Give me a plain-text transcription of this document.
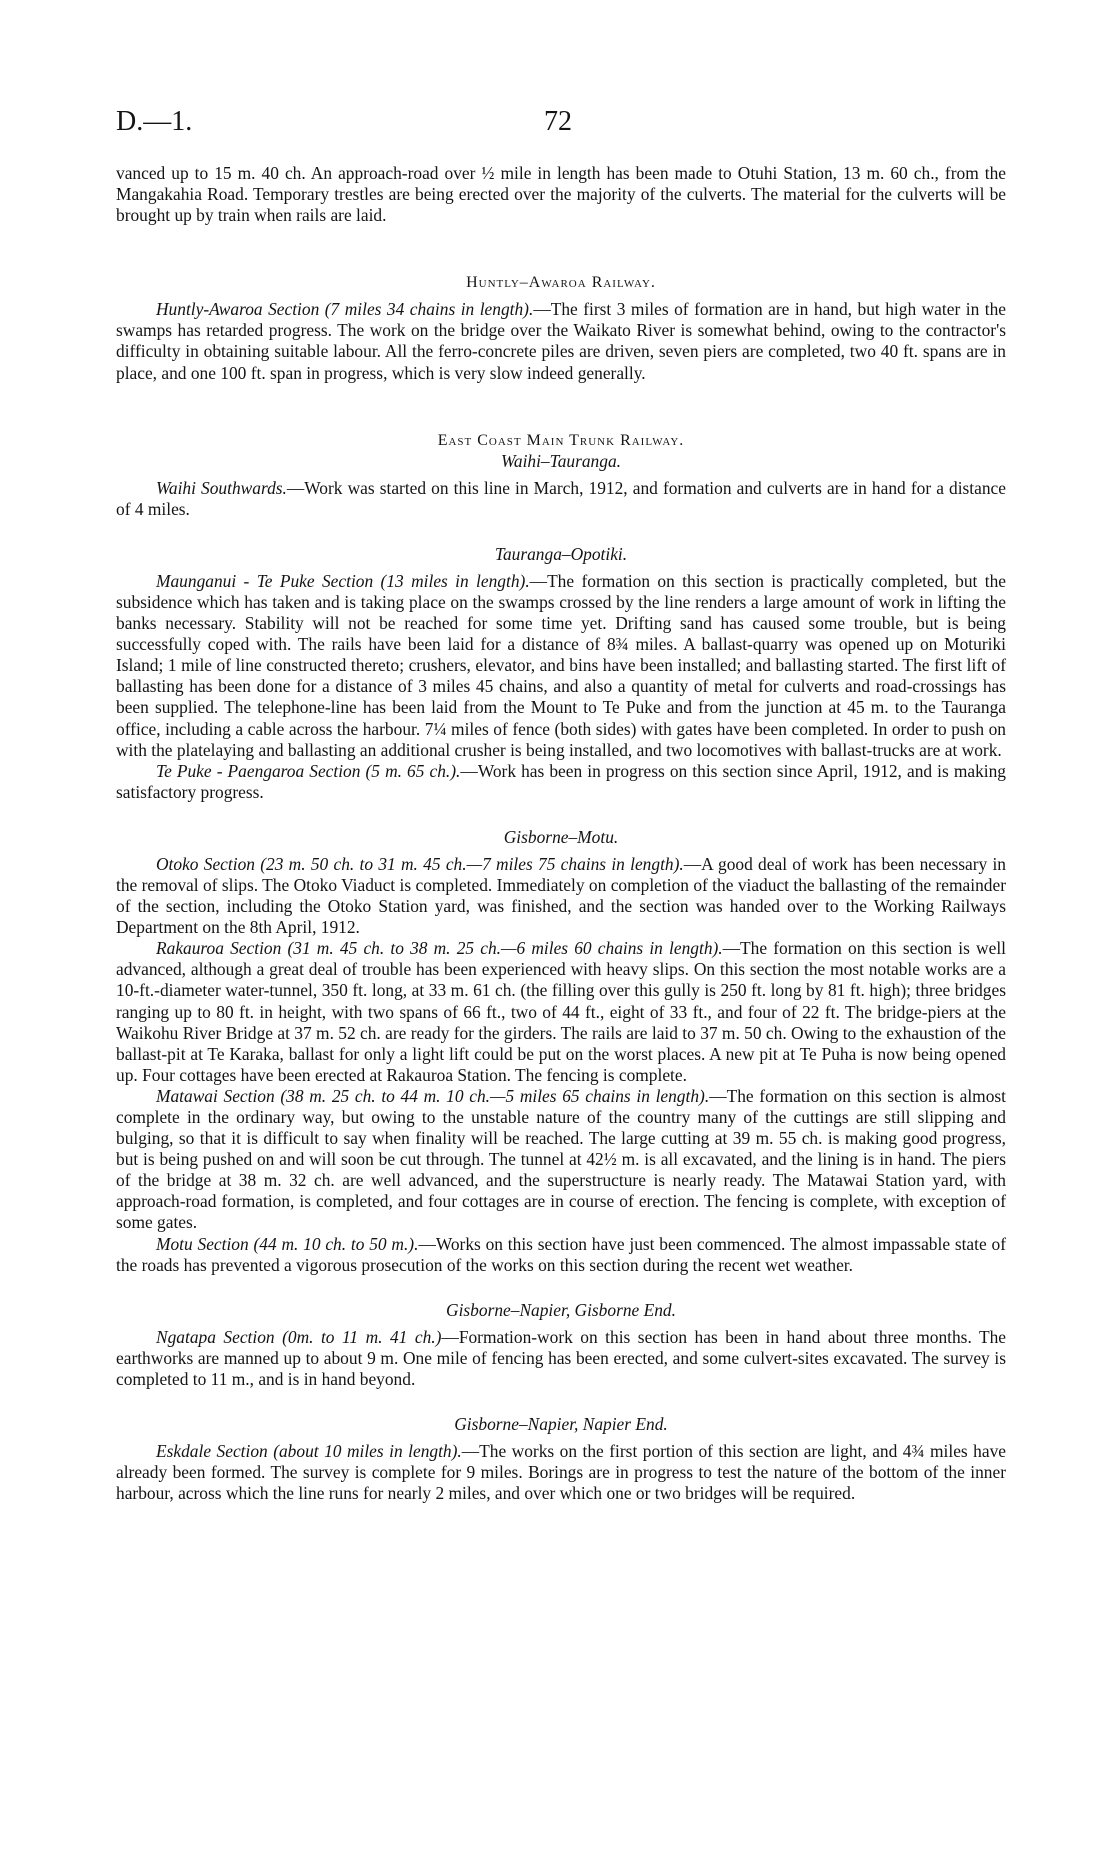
D.—1.	72

vanced up to 15 m. 40 ch. An approach-road over ½ mile in length has been made to Otuhi Station, 13 m. 60 ch., from the Mangakahia Road. Temporary trestles are being erected over the majority of the culverts. The material for the culverts will be brought up by train when rails are laid.

Huntly–Awaroa Railway.

Huntly-Awaroa Section (7 miles 34 chains in length).—The first 3 miles of formation are in hand, but high water in the swamps has retarded progress. The work on the bridge over the Waikato River is somewhat behind, owing to the contractor's difficulty in obtaining suitable labour. All the ferro-concrete piles are driven, seven piers are completed, two 40 ft. spans are in place, and one 100 ft. span in progress, which is very slow indeed generally.

East Coast Main Trunk Railway.
Waihi–Tauranga.

Waihi Southwards.—Work was started on this line in March, 1912, and formation and culverts are in hand for a distance of 4 miles.

Tauranga–Opotiki.

Maunganui - Te Puke Section (13 miles in length).—The formation on this section is practically completed, but the subsidence which has taken and is taking place on the swamps crossed by the line renders a large amount of work in lifting the banks necessary. Stability will not be reached for some time yet. Drifting sand has caused some trouble, but is being successfully coped with. The rails have been laid for a distance of 8¾ miles. A ballast-quarry was opened up on Moturiki Island; 1 mile of line constructed thereto; crushers, elevator, and bins have been installed; and ballasting started. The first lift of ballasting has been done for a distance of 3 miles 45 chains, and also a quantity of metal for culverts and road-crossings has been supplied. The telephone-line has been laid from the Mount to Te Puke and from the junction at 45 m. to the Tauranga office, including a cable across the harbour. 7¼ miles of fence (both sides) with gates have been completed. In order to push on with the platelaying and ballasting an additional crusher is being installed, and two locomotives with ballast-trucks are at work.

Te Puke - Paengaroa Section (5 m. 65 ch.).—Work has been in progress on this section since April, 1912, and is making satisfactory progress.

Gisborne–Motu.

Otoko Section (23 m. 50 ch. to 31 m. 45 ch.—7 miles 75 chains in length).—A good deal of work has been necessary in the removal of slips. The Otoko Viaduct is completed. Immediately on completion of the viaduct the ballasting of the remainder of the section, including the Otoko Station yard, was finished, and the section was handed over to the Working Railways Department on the 8th April, 1912.

Rakauroa Section (31 m. 45 ch. to 38 m. 25 ch.—6 miles 60 chains in length).—The formation on this section is well advanced, although a great deal of trouble has been experienced with heavy slips. On this section the most notable works are a 10-ft.-diameter water-tunnel, 350 ft. long, at 33 m. 61 ch. (the filling over this gully is 250 ft. long by 81 ft. high); three bridges ranging up to 80 ft. in height, with two spans of 66 ft., two of 44 ft., eight of 33 ft., and four of 22 ft. The bridge-piers at the Waikohu River Bridge at 37 m. 52 ch. are ready for the girders. The rails are laid to 37 m. 50 ch. Owing to the exhaustion of the ballast-pit at Te Karaka, ballast for only a light lift could be put on the worst places. A new pit at Te Puha is now being opened up. Four cottages have been erected at Rakauroa Station. The fencing is complete.

Matawai Section (38 m. 25 ch. to 44 m. 10 ch.—5 miles 65 chains in length).—The formation on this section is almost complete in the ordinary way, but owing to the unstable nature of the country many of the cuttings are still slipping and bulging, so that it is difficult to say when finality will be reached. The large cutting at 39 m. 55 ch. is making good progress, but is being pushed on and will soon be cut through. The tunnel at 42½ m. is all excavated, and the lining is in hand. The piers of the bridge at 38 m. 32 ch. are well advanced, and the superstructure is nearly ready. The Matawai Station yard, with approach-road formation, is completed, and four cottages are in course of erection. The fencing is complete, with exception of some gates.

Motu Section (44 m. 10 ch. to 50 m.).—Works on this section have just been commenced. The almost impassable state of the roads has prevented a vigorous prosecution of the works on this section during the recent wet weather.

Gisborne–Napier, Gisborne End.

Ngatapa Section (0m. to 11 m. 41 ch.)—Formation-work on this section has been in hand about three months. The earthworks are manned up to about 9 m. One mile of fencing has been erected, and some culvert-sites excavated. The survey is completed to 11 m., and is in hand beyond.

Gisborne–Napier, Napier End.

Eskdale Section (about 10 miles in length).—The works on the first portion of this section are light, and 4¾ miles have already been formed. The survey is complete for 9 miles. Borings are in progress to test the nature of the bottom of the inner harbour, across which the line runs for nearly 2 miles, and over which one or two bridges will be required.
